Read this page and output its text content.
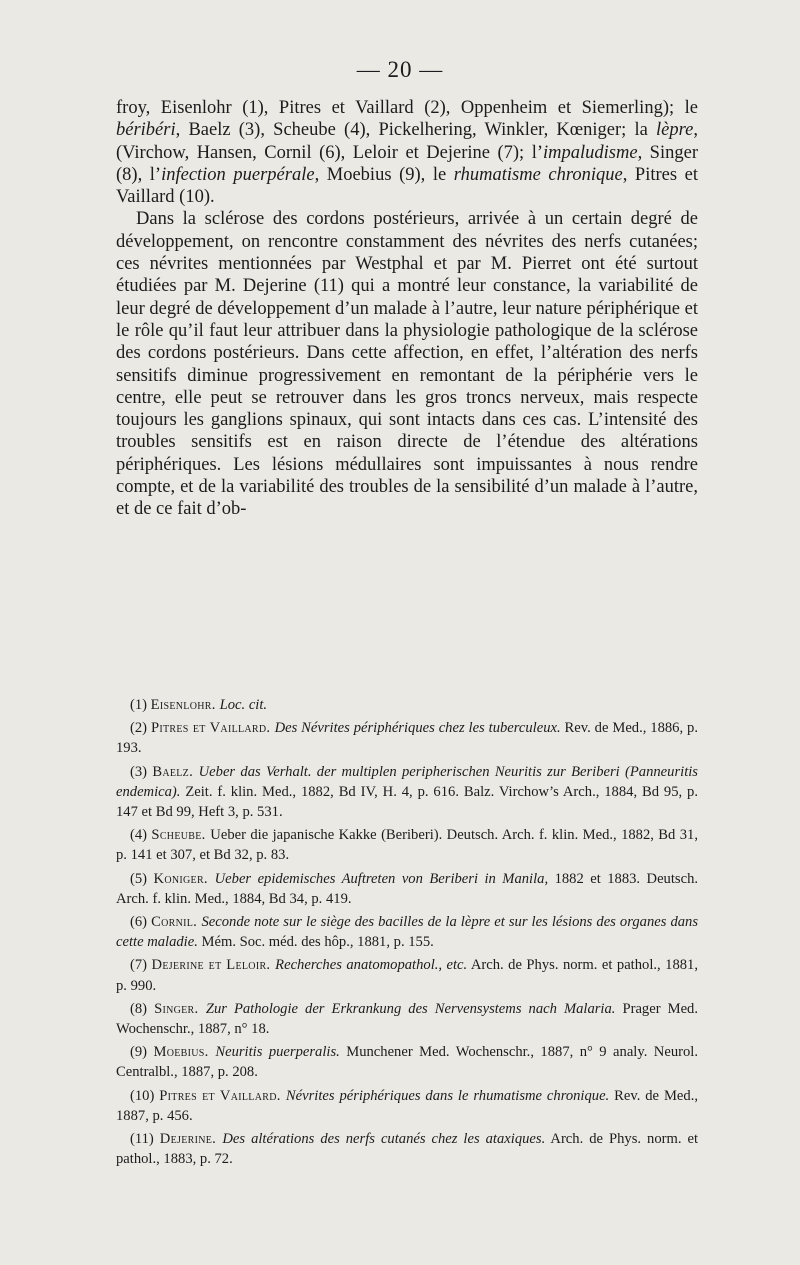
— 20 —

froy, Eisenlohr (1), Pitres et Vaillard (2), Oppenheim et Siemerling); le béribéri, Baelz (3), Scheube (4), Pickelhering, Winkler, Kœniger; la lèpre, (Virchow, Hansen, Cornil (6), Leloir et Dejerine (7); l’impaludisme, Singer (8), l’infection puerpérale, Moebius (9), le rhumatisme chronique, Pitres et Vaillard (10).

Dans la sclérose des cordons postérieurs, arrivée à un certain degré de développement, on rencontre constamment des névrites des nerfs cutanées; ces névrites mentionnées par Westphal et par M. Pierret ont été surtout étudiées par M. Dejerine (11) qui a montré leur constance, la variabilité de leur degré de développement d’un malade à l’autre, leur nature périphérique et le rôle qu’il faut leur attribuer dans la physiologie pathologique de la sclérose des cordons postérieurs. Dans cette affection, en effet, l’altération des nerfs sensitifs diminue progressivement en remontant de la périphérie vers le centre, elle peut se retrouver dans les gros troncs nerveux, mais respecte toujours les ganglions spinaux, qui sont intacts dans ces cas. L’intensité des troubles sensitifs est en raison directe de l’étendue des altérations périphériques. Les lésions médullaires sont impuissantes à nous rendre compte, et de la variabilité des troubles de la sensibilité d’un malade à l’autre, et de ce fait d’ob-

(1) Eisenlohr. Loc. cit.

(2) Pitres et Vaillard. Des Névrites périphériques chez les tuberculeux. Rev. de Med., 1886, p. 193.

(3) Baelz. Ueber das Verhalt. der multiplen peripherischen Neuritis zur Beriberi (Panneuritis endemica). Zeit. f. klin. Med., 1882, Bd IV, H. 4, p. 616. Balz. Virchow’s Arch., 1884, Bd 95, p. 147 et Bd 99, Heft 3, p. 531.

(4) Scheube. Ueber die japanische Kakke (Beriberi). Deutsch. Arch. f. klin. Med., 1882, Bd 31, p. 141 et 307, et Bd 32, p. 83.

(5) Koniger. Ueber epidemisches Auftreten von Beriberi in Manila, 1882 et 1883. Deutsch. Arch. f. klin. Med., 1884, Bd 34, p. 419.

(6) Cornil. Seconde note sur le siège des bacilles de la lèpre et sur les lésions des organes dans cette maladie. Mém. Soc. méd. des hôp., 1881, p. 155.

(7) Dejerine et Leloir. Recherches anatomopathol., etc. Arch. de Phys. norm. et pathol., 1881, p. 990.

(8) Singer. Zur Pathologie der Erkrankung des Nervensystems nach Malaria. Prager Med. Wochenschr., 1887, n° 18.

(9) Moebius. Neuritis puerperalis. Munchener Med. Wochenschr., 1887, n° 9 analy. Neurol. Centralbl., 1887, p. 208.

(10) Pitres et Vaillard. Névrites périphériques dans le rhumatisme chronique. Rev. de Med., 1887, p. 456.

(11) Dejerine. Des altérations des nerfs cutanés chez les ataxiques. Arch. de Phys. norm. et pathol., 1883, p. 72.
